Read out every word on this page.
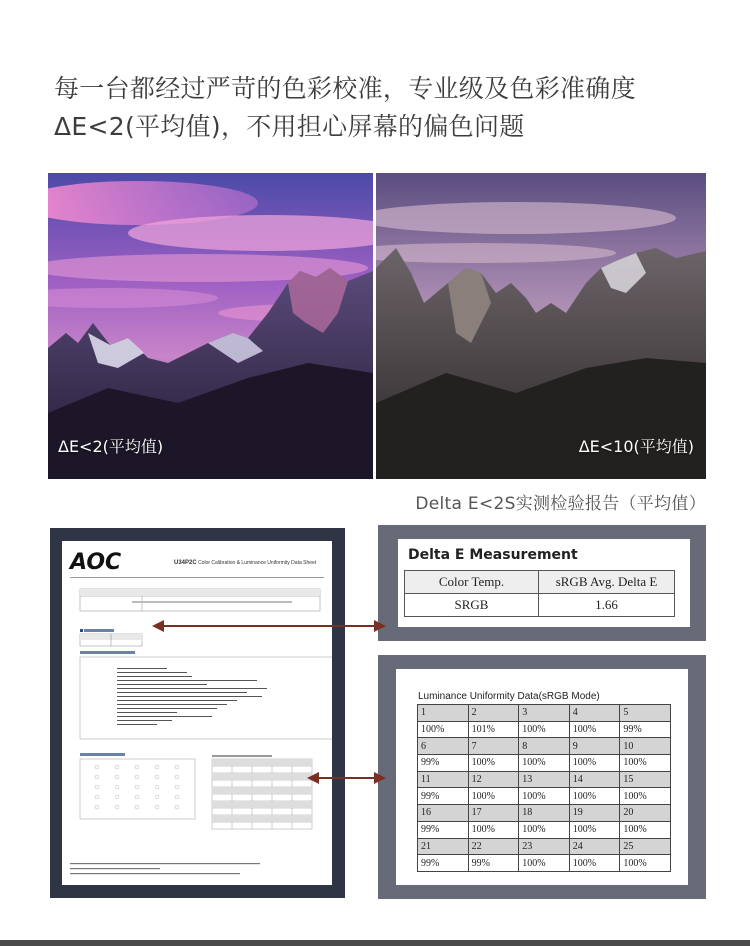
每一台都经过严苛的色彩校准，专业级及色彩准确度
ΔE<2(平均值)，不用担心屏幕的偏色问题
ΔE<2(平均值)	ΔE<10(平均值)
Delta E<2S实测检验报告（平均值）
AOC	U34P2C Color Calibration & Luminance Uniformity Data Sheet	Delta E Measurement
Color Temp.	sRGB Avg. Delta E
SRGB	1.66
Luminance Uniformity Data(sRGB Mode)
1	2	3	4	5
100%	101%	100%	100%	99%
6	7	8	9	10
99%	100%	100%	100%	100%
11	12	13	14	15
99%	100%	100%	100%	100%
16	17	18	19	20
99%	100%	100%	100%	100%
21	22	23	24	25
99%	99%	100%	100%	100%
